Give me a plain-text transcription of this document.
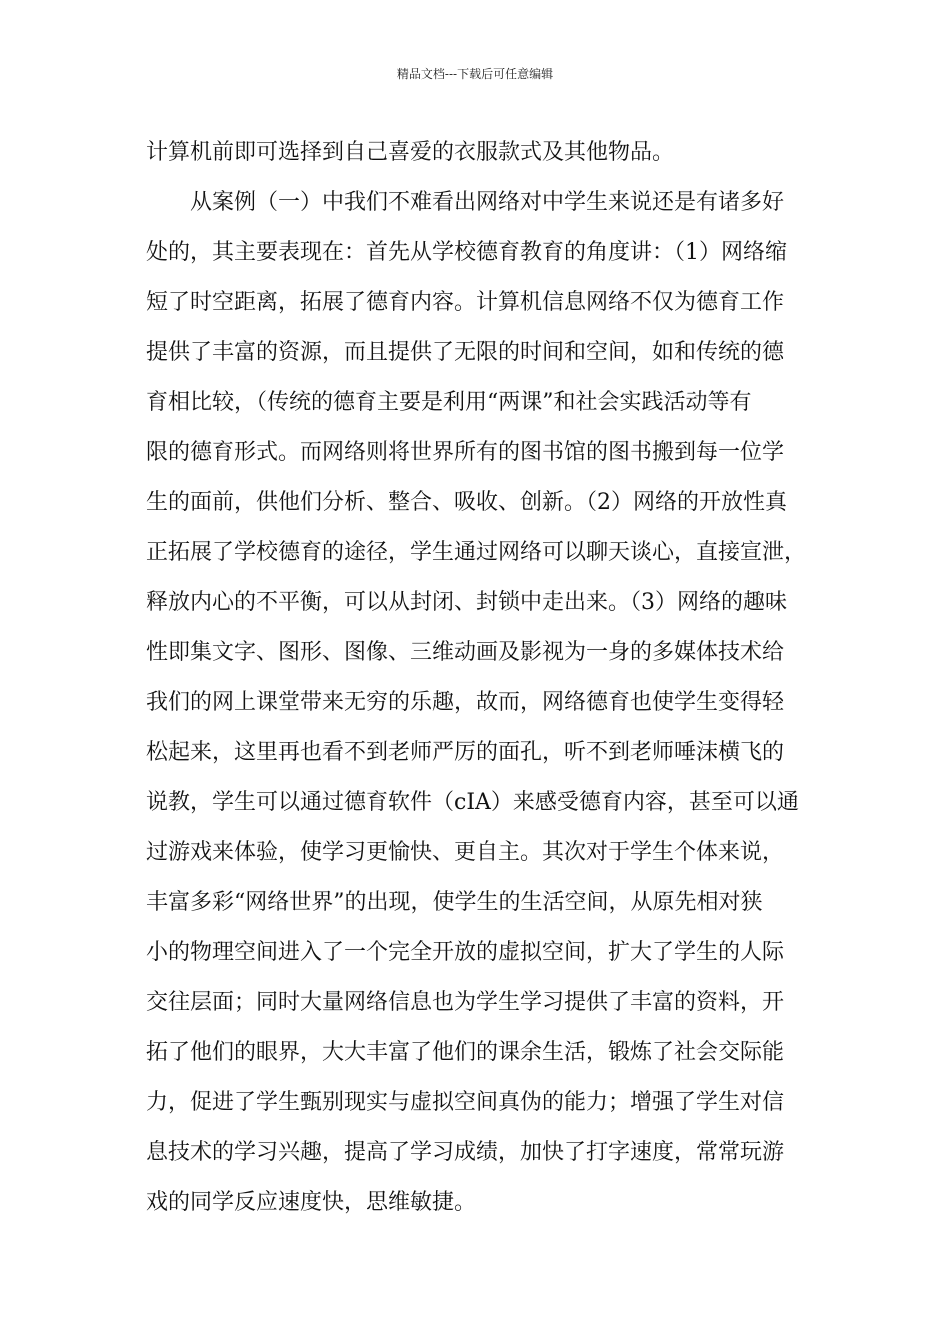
精品文档---下载后可任意编辑
计算机前即可选择到自己喜爱的衣服款式及其他物品。
从案例（一）中我们不难看出网络对中学生来说还是有诸多好
处的，其主要表现在：首先从学校德育教育的角度讲：（1）网络缩
短了时空距离，拓展了德育内容。计算机信息网络不仅为德育工作
提供了丰富的资源，而且提供了无限的时间和空间，如和传统的德
育相比较，（传统的德育主要是利用“两课”和社会实践活动等有
限的德育形式。而网络则将世界所有的图书馆的图书搬到每一位学
生的面前，供他们分析、整合、吸收、创新。（2）网络的开放性真
正拓展了学校德育的途径，学生通过网络可以聊天谈心，直接宣泄，
释放内心的不平衡，可以从封闭、封锁中走出来。（3）网络的趣味
性即集文字、图形、图像、三维动画及影视为一身的多媒体技术给
我们的网上课堂带来无穷的乐趣，故而，网络德育也使学生变得轻
松起来，这里再也看不到老师严厉的面孔，听不到老师唾沫横飞的
说教，学生可以通过德育软件（cIA）来感受德育内容，甚至可以通
过游戏来体验，使学习更愉快、更自主。其次对于学生个体来说，
丰富多彩“网络世界”的出现，使学生的生活空间，从原先相对狭
小的物理空间进入了一个完全开放的虚拟空间，扩大了学生的人际
交往层面；同时大量网络信息也为学生学习提供了丰富的资料，开
拓了他们的眼界，大大丰富了他们的课余生活，锻炼了社会交际能
力，促进了学生甄别现实与虚拟空间真伪的能力；增强了学生对信
息技术的学习兴趣，提高了学习成绩，加快了打字速度，常常玩游
戏的同学反应速度快，思维敏捷。
